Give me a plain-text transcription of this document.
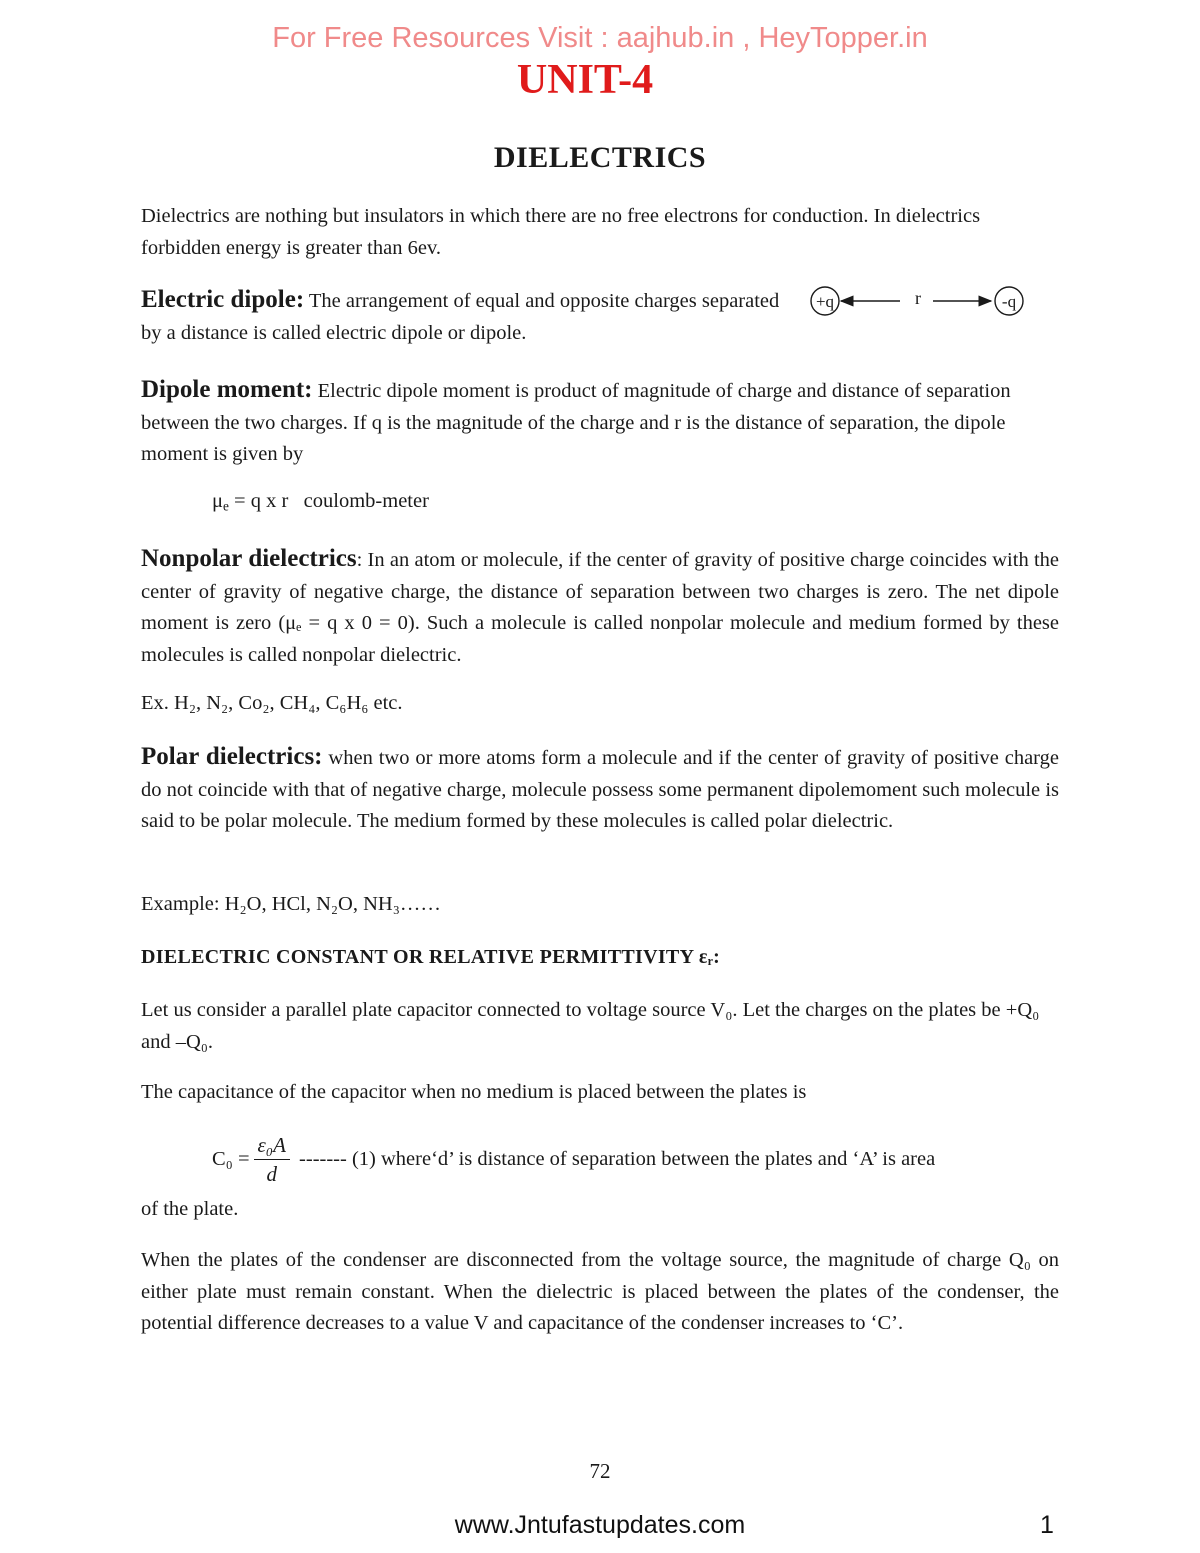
For Free Resources Visit : aajhub.in , HeyTopper.in
UNIT-4
DIELECTRICS

Dielectrics are nothing but insulators in which there are no free electrons for conduction. In dielectrics forbidden energy is greater than 6ev.

Electric dipole: The arrangement of equal and opposite charges separated by a distance is called electric dipole or dipole.

+q	r	-q

Dipole moment: Electric dipole moment is product of magnitude of charge and distance of separation between the two charges. If q is the magnitude of the charge and r is the distance of separation, the dipole moment is given by

$\mu_e = q$ x r   coulomb-meter

Nonpolar dielectrics: In an atom or molecule, if the center of gravity of positive charge coincides with the center of gravity of negative charge, the distance of separation between two charges is zero. The net dipole moment is zero (μₑ = q x 0 = 0). Such a molecule is called nonpolar molecule and medium formed by these molecules is called nonpolar dielectric.

Ex. H₂, N₂, Co₂, CH₄, C₆H₆ etc.

Polar dielectrics: when two or more atoms form a molecule and if the center of gravity of positive charge do not coincide with that of negative charge, molecule possess some permanent dipolemoment such molecule is said to be polar molecule. The medium formed by these molecules is called polar dielectric.

Example: H₂O, HCl, N₂O, NH₃……

DIELECTRIC CONSTANT OR RELATIVE PERMITTIVITY εᵣ:

Let us consider a parallel plate capacitor connected to voltage source V₀. Let the charges on the plates be +Q₀ and –Q₀.

The capacitance of the capacitor when no medium is placed between the plates is

$C_0 = \frac{\text{ε₀A}}{d}$ ------- (1) where‘d’ is distance of separation between the plates and ‘A’ is area

of the plate.

When the plates of the condenser are disconnected from the voltage source, the magnitude of charge Q₀ on either plate must remain constant. When the dielectric is placed between the plates of the condenser, the potential difference decreases to a value V and capacitance of the condenser increases to ‘C’.

72
www.Jntufastupdates.com	1
